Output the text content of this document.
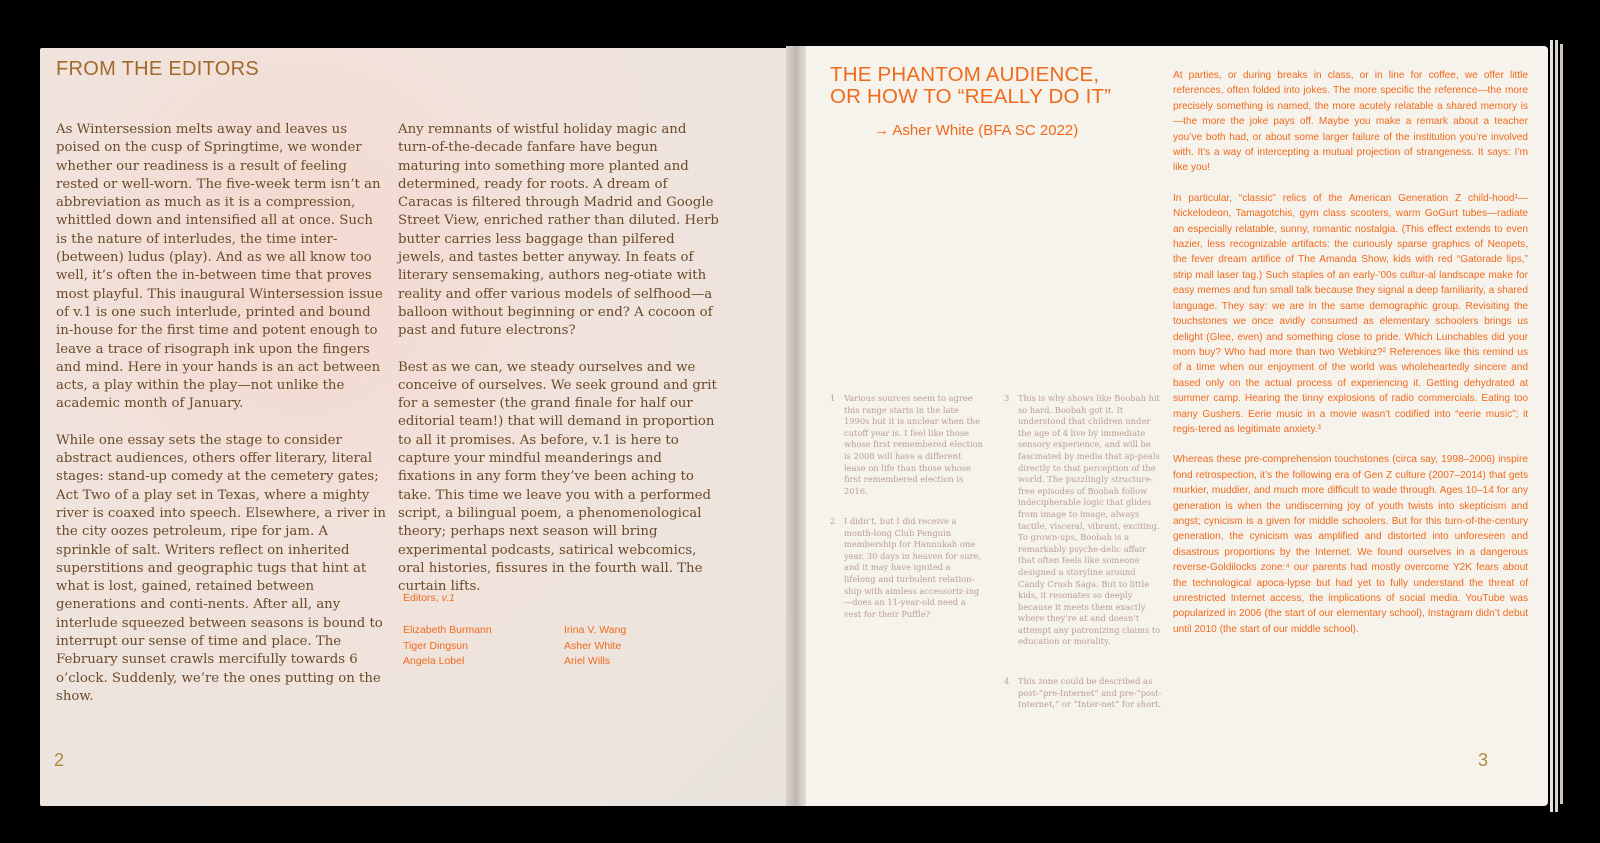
FROM THE EDITORS

As Wintersession melts away and leaves us poised on the cusp of Springtime, we wonder whether our readiness is a result of feeling rested or well-worn. The five-week term isn’t an abbreviation as much as it is a compression, whittled down and intensified all at once. Such is the nature of interludes, the time inter-(between) ludus (play). And as we all know too well, it’s often the in-between time that proves most playful. This inaugural Wintersession issue of v.1 is one such interlude, printed and bound in-house for the first time and potent enough to leave a trace of risograph ink upon the fingers and mind. Here in your hands is an act between acts, a play within the play—not unlike the academic month of January.

While one essay sets the stage to consider abstract audiences, others offer literary, literal stages: stand-up comedy at the cemetery gates; Act Two of a play set in Texas, where a mighty river is coaxed into speech. Elsewhere, a river in the city oozes petroleum, ripe for jam. A sprinkle of salt. Writers reflect on inherited superstitions and geographic tugs that hint at what is lost, gained, retained between generations and conti-nents. After all, any interlude squeezed between seasons is bound to interrupt our sense of time and place. The February sunset crawls mercifully towards 6 o’clock. Suddenly, we’re the ones putting on the show.

Any remnants of wistful holiday magic and turn-of-the-decade fanfare have begun maturing into something more planted and determined, ready for roots. A dream of Caracas is filtered through Madrid and Google Street View, enriched rather than diluted. Herb butter carries less baggage than pilfered jewels, and tastes better anyway. In feats of literary sensemaking, authors neg-otiate with reality and offer various models of selfhood—a balloon without beginning or end? A cocoon of past and future electrons?

Best as we can, we steady ourselves and we conceive of ourselves. We seek ground and grit for a semester (the grand finale for half our editorial team!) that will demand in proportion to all it promises. As before, v.1 is here to capture your mindful meanderings and fixations in any form they’ve been aching to take. This time we leave you with a performed script, a bilingual poem, a phenomenological theory; perhaps next season will bring experimental podcasts, satirical webcomics, oral histories, fissures in the fourth wall. The curtain lifts.

Editors, v.1
Elizabeth Burmann
Tiger Dingsun
Angela Lobel
Irina V. Wang
Asher White
Ariel Wills
2
THE PHANTOM AUDIENCE,
OR HOW TO “REALLY DO IT”
→ Asher White (BFA SC 2022)
1 Various sources seem to agree this range starts in the late 1990s but it is unclear when the cutoff year is. I feel like those whose first remembered election is 2008 will have a different lease on life than those whose first remembered election is 2016.
2 I didn’t, but I did receive a month-long Club Penguin membership for Hannukah one year. 30 days in heaven for sure, and it may have ignited a lifelong and turbulent relation-ship with aimless accessoriz-ing—does an 11-year-old need a vest for their Puffle?
3 This is why shows like Boobah hit so hard. Boobah got it. It understood that children under the age of 4 live by immediate sensory experience, and will be fascinated by media that ap-peals directly to that perception of the world. The puzzlingly structure-free episodes of Boobah follow indecipherable logic that glides from image to image, always tactile, visceral, vibrant, exciting. To grown-ups, Boobah is a remarkably psyche-delic affair that often feels like someone designed a storyline around Candy Crush Saga. But to little kids, it resonates so deeply because it meets them exactly where they’re at and doesn’t attempt any patronizing claims to education or morality.
4 This zone could be described as post-“pre-Internet” and pre-“post-Internet,” or “Inter-net” for short.

At parties, or during breaks in class, or in line for coffee, we offer little references, often folded into jokes. The more specific the reference—the more precisely something is named, the more acutely relatable a shared memory is—the more the joke pays off. Maybe you make a remark about a teacher you’ve both had, or about some larger failure of the institution you’re involved with. It’s a way of intercepting a mutual projection of strangeness. It says: I’m like you!

In particular, “classic” relics of the American Generation Z child-hood¹—Nickelodeon, Tamagotchis, gym class scooters, warm GoGurt tubes—radiate an especially relatable, sunny, romantic nostalgia. (This effect extends to even hazier, less recognizable artifacts: the curiously sparse graphics of Neopets, the fever dream artifice of The Amanda Show, kids with red “Gatorade lips,” strip mall laser tag.) Such staples of an early-’00s cultur-al landscape make for easy memes and fun small talk because they signal a deep familiarity, a shared language. They say: we are in the same demographic group. Revisiting the touchstones we once avidly consumed as elementary schoolers brings us delight (Glee, even) and something close to pride. Which Lunchables did your mom buy? Who had more than two Webkinz?² References like this remind us of a time when our enjoyment of the world was wholeheartedly sincere and based only on the actual process of experiencing it. Getting dehydrated at summer camp. Hearing the tinny explosions of radio commercials. Eating too many Gushers. Eerie music in a movie wasn’t codified into “eerie music”; it regis-tered as legitimate anxiety.³

Whereas these pre-comprehension touchstones (circa say, 1998–2006) inspire fond retrospection, it’s the following era of Gen Z culture (2007–2014) that gets murkier, muddier, and much more difficult to wade through. Ages 10–14 for any generation is when the undiscerning joy of youth twists into skepticism and angst; cynicism is a given for middle schoolers. But for this turn-of-the-century generation, the cynicism was amplified and distorted into unforeseen and disastrous proportions by the Internet. We found ourselves in a dangerous reverse-Goldilocks zone:⁴ our parents had mostly overcome Y2K fears about the technological apoca-lypse but had yet to fully understand the threat of unrestricted Internet access, the implications of social media. YouTube was popularized in 2006 (the start of our elementary school), Instagram didn’t debut until 2010 (the start of our middle school).

3
